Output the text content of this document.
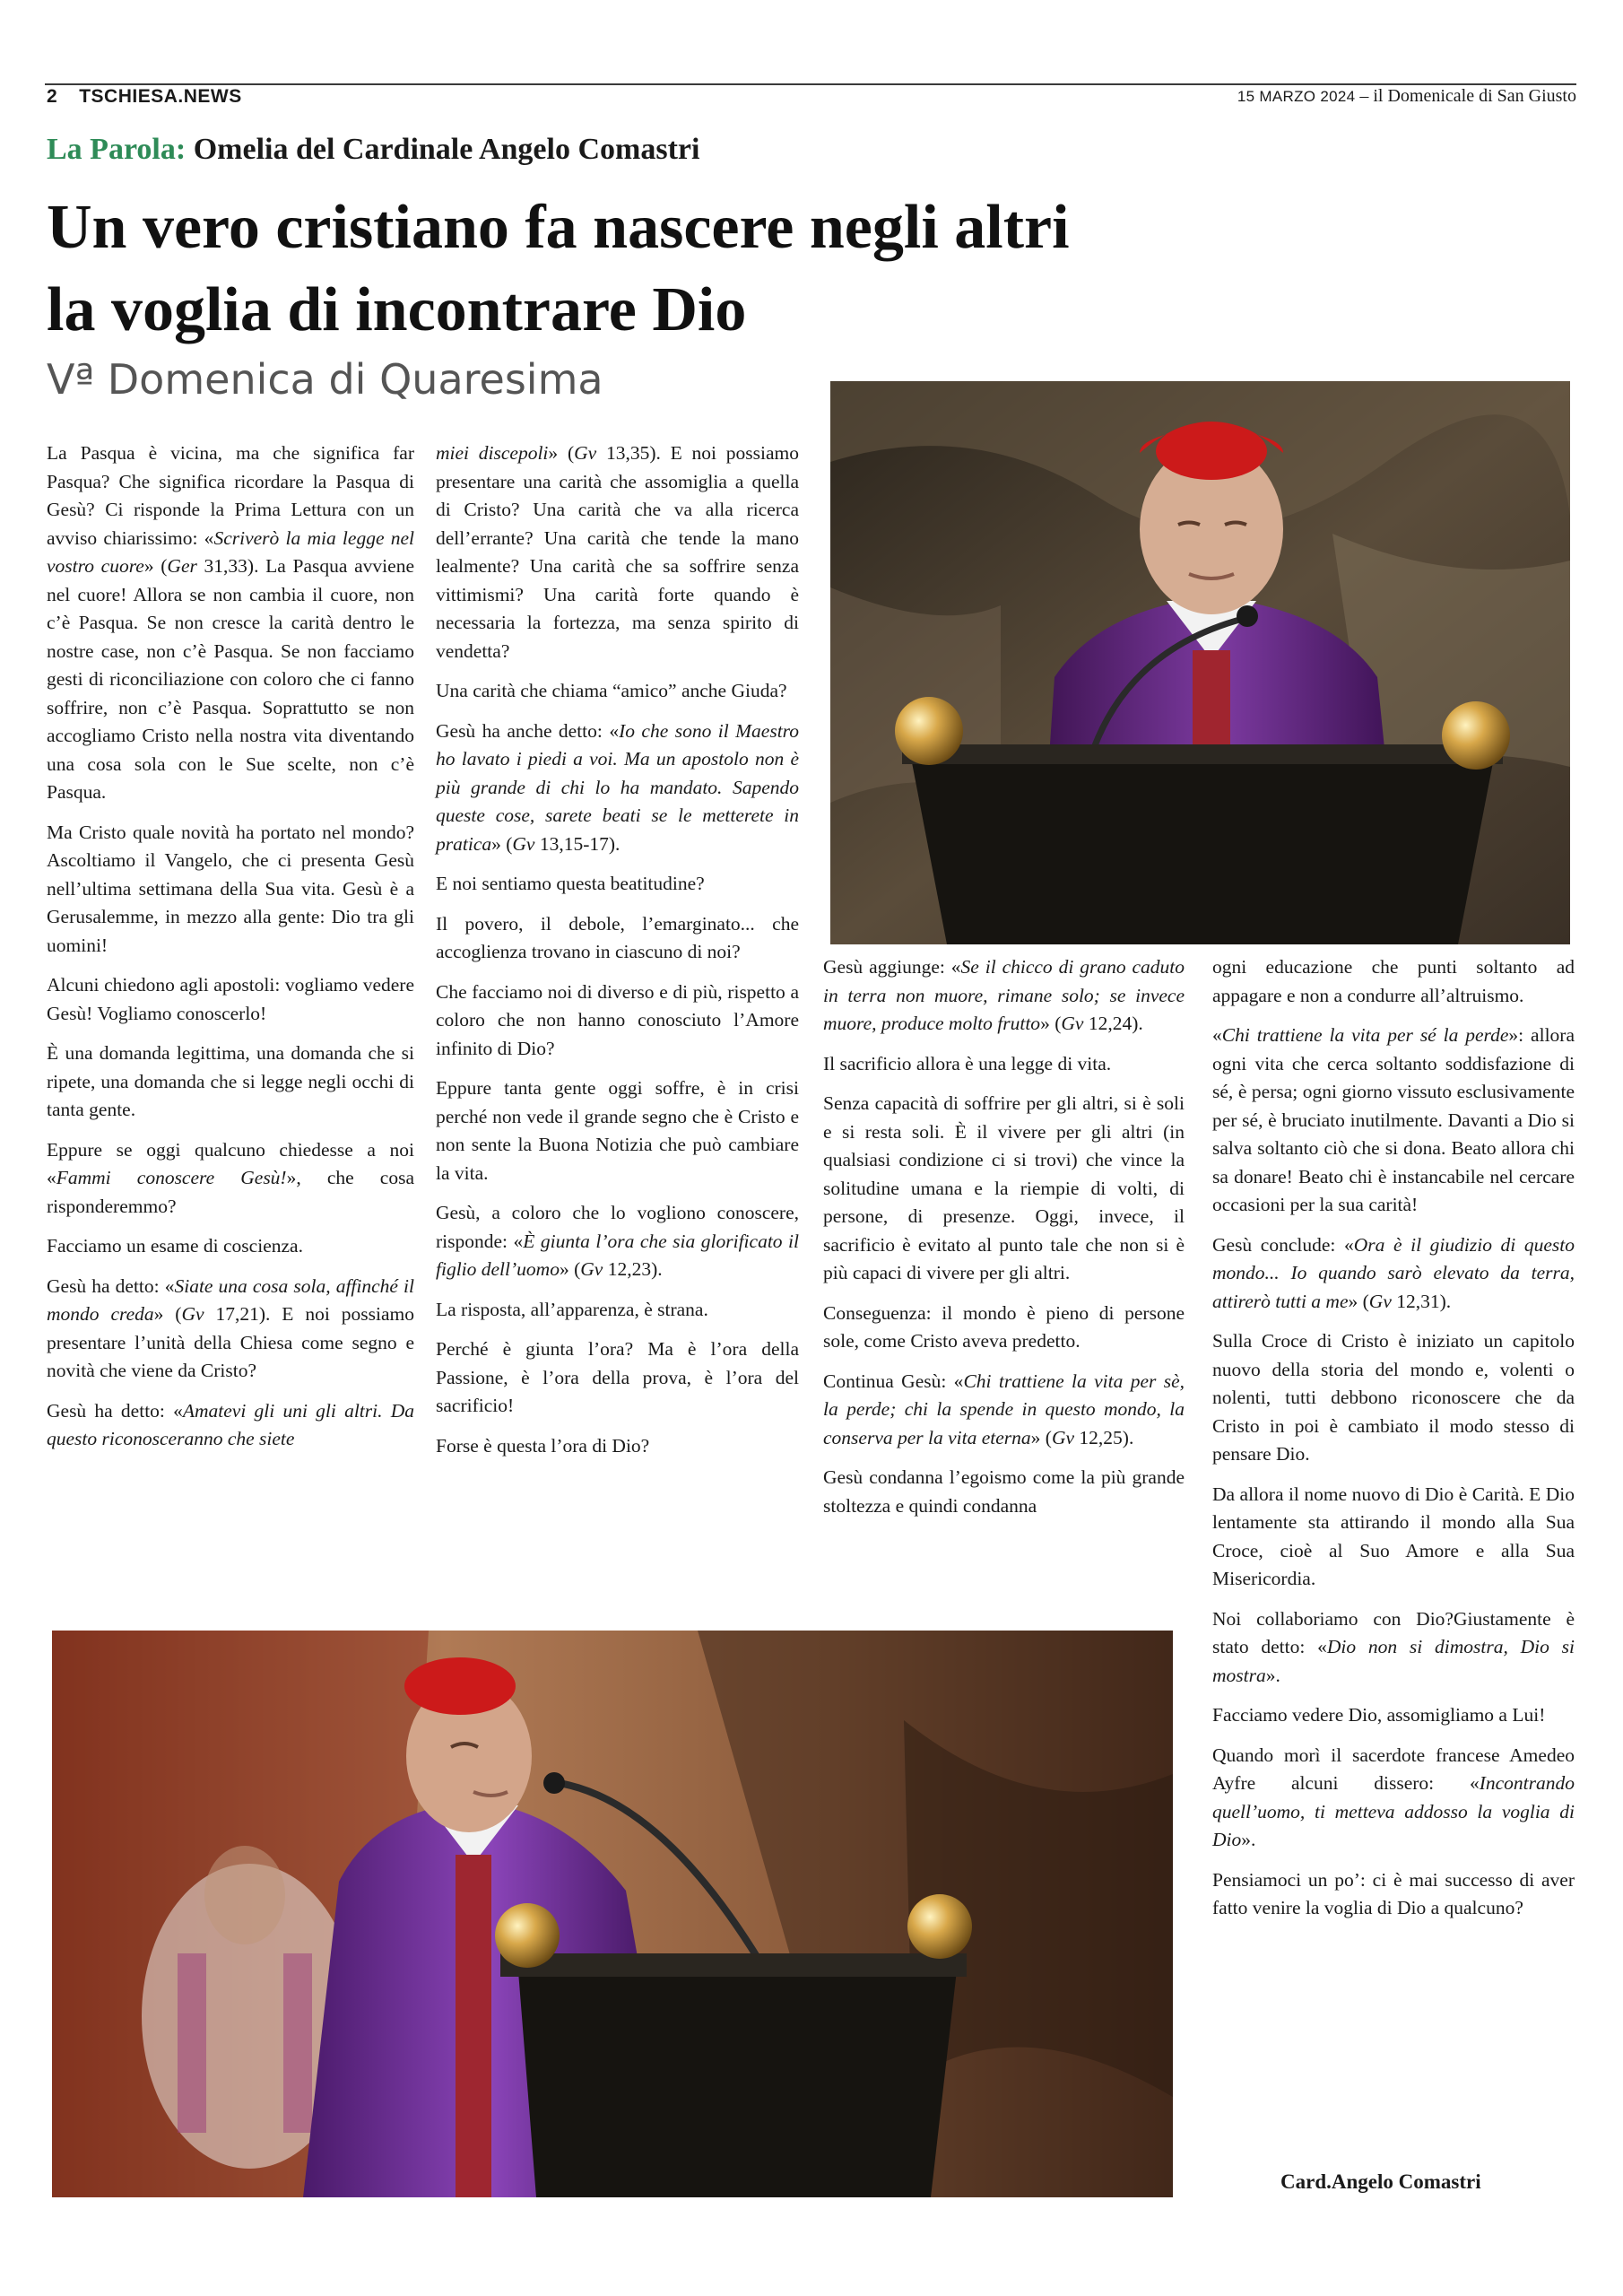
2 TSCHIESA.NEWS	15 MARZO 2024 – il Domenicale di San Giusto
La Parola: Omelia del Cardinale Angelo Comastri
Un vero cristiano fa nascere negli altri
la voglia di incontrare Dio
Vª Domenica di Quaresima

La Pasqua è vicina, ma che significa far Pasqua? Che significa ricordare la Pasqua di Gesù? Ci risponde la Prima Lettura con un avviso chiarissimo: «Scriverò la mia legge nel vostro cuore» (Ger 31,33). La Pasqua avviene nel cuore! Allora se non cambia il cuore, non c’è Pasqua. Se non cresce la carità dentro le nostre case, non c’è Pasqua. Se non facciamo gesti di riconciliazione con coloro che ci fanno soffrire, non c’è Pasqua. Soprattutto se non accogliamo Cristo nella nostra vita diventando una cosa sola con le Sue scelte, non c’è Pasqua.

Ma Cristo quale novità ha portato nel mondo? Ascoltiamo il Vangelo, che ci presenta Gesù nell’ultima settimana della Sua vita. Gesù è a Gerusalemme, in mezzo alla gente: Dio tra gli uomini!

Alcuni chiedono agli apostoli: vogliamo vedere Gesù! Vogliamo conoscerlo!

È una domanda legittima, una domanda che si ripete, una domanda che si legge negli occhi di tanta gente.

Eppure se oggi qualcuno chiedesse a noi «Fammi conoscere Gesù!», che cosa risponderemmo?

Facciamo un esame di coscienza.

Gesù ha detto: «Siate una cosa sola, affinché il mondo creda» (Gv 17,21). E noi possiamo presentare l’unità della Chiesa come segno e novità che viene da Cristo?

Gesù ha detto: «Amatevi gli uni gli altri. Da questo riconosceranno che siete

miei discepoli» (Gv 13,35). E noi possiamo presentare una carità che assomiglia a quella di Cristo? Una carità che va alla ricerca dell’errante? Una carità che tende la mano lealmente? Una carità che sa soffrire senza vittimismi? Una carità forte quando è necessaria la fortezza, ma senza spirito di vendetta?

Una carità che chiama “amico” anche Giuda?

Gesù ha anche detto: «Io che sono il Maestro ho lavato i piedi a voi. Ma un apostolo non è più grande di chi lo ha mandato. Sapendo queste cose, sarete beati se le metterete in pratica» (Gv 13,15-17).

E noi sentiamo questa beatitudine?

Il povero, il debole, l’emarginato... che accoglienza trovano in ciascuno di noi?

Che facciamo noi di diverso e di più, rispetto a coloro che non hanno conosciuto l’Amore infinito di Dio?

Eppure tanta gente oggi soffre, è in crisi perché non vede il grande segno che è Cristo e non sente la Buona Notizia che può cambiare la vita.

Gesù, a coloro che lo vogliono conoscere, risponde: «È giunta l’ora che sia glorificato il figlio dell’uomo» (Gv 12,23).

La risposta, all’apparenza, è strana.

Perché è giunta l’ora? Ma è l’ora della Passione, è l’ora della prova, è l’ora del sacrificio!

Forse è questa l’ora di Dio?

Gesù aggiunge: «Se il chicco di grano caduto in terra non muore, rimane solo; se invece muore, produce molto frutto» (Gv 12,24).

Il sacrificio allora è una legge di vita.

Senza capacità di soffrire per gli altri, si è soli e si resta soli. È il vivere per gli altri (in qualsiasi condizione ci si trovi) che vince la solitudine umana e la riempie di volti, di persone, di presenze. Oggi, invece, il sacrificio è evitato al punto tale che non si è più capaci di vivere per gli altri.

Conseguenza: il mondo è pieno di persone sole, come Cristo aveva predetto.

Continua Gesù: «Chi trattiene la vita per sè, la perde; chi la spende in questo mondo, la conserva per la vita eterna» (Gv 12,25).

Gesù condanna l’egoismo come la più grande stoltezza e quindi condanna

ogni educazione che punti soltanto ad appagare e non a condurre all’altruismo.

«Chi trattiene la vita per sé la perde»: allora ogni vita che cerca soltanto soddisfazione di sé, è persa; ogni giorno vissuto esclusivamente per sé, è bruciato inutilmente. Davanti a Dio si salva soltanto ciò che si dona. Beato allora chi sa donare! Beato chi è instancabile nel cercare occasioni per la sua carità!

Gesù conclude: «Ora è il giudizio di questo mondo... Io quando sarò elevato da terra, attirerò tutti a me» (Gv 12,31).

Sulla Croce di Cristo è iniziato un capitolo nuovo della storia del mondo e, volenti o nolenti, tutti debbono riconoscere che da Cristo in poi è cambiato il modo stesso di pensare Dio.

Da allora il nome nuovo di Dio è Carità. E Dio lentamente sta attirando il mondo alla Sua Croce, cioè al Suo Amore e alla Sua Misericordia.

Noi collaboriamo con Dio?Giustamente è stato detto: «Dio non si dimostra, Dio si mostra».

Facciamo vedere Dio, assomigliamo a Lui!

Quando morì il sacerdote francese Amedeo Ayfre alcuni dissero: «Incontrando quell’uomo, ti metteva addosso la voglia di Dio».

Pensiamoci un po’: ci è mai successo di aver fatto venire la voglia di Dio a qualcuno?

Card.Angelo Comastri
